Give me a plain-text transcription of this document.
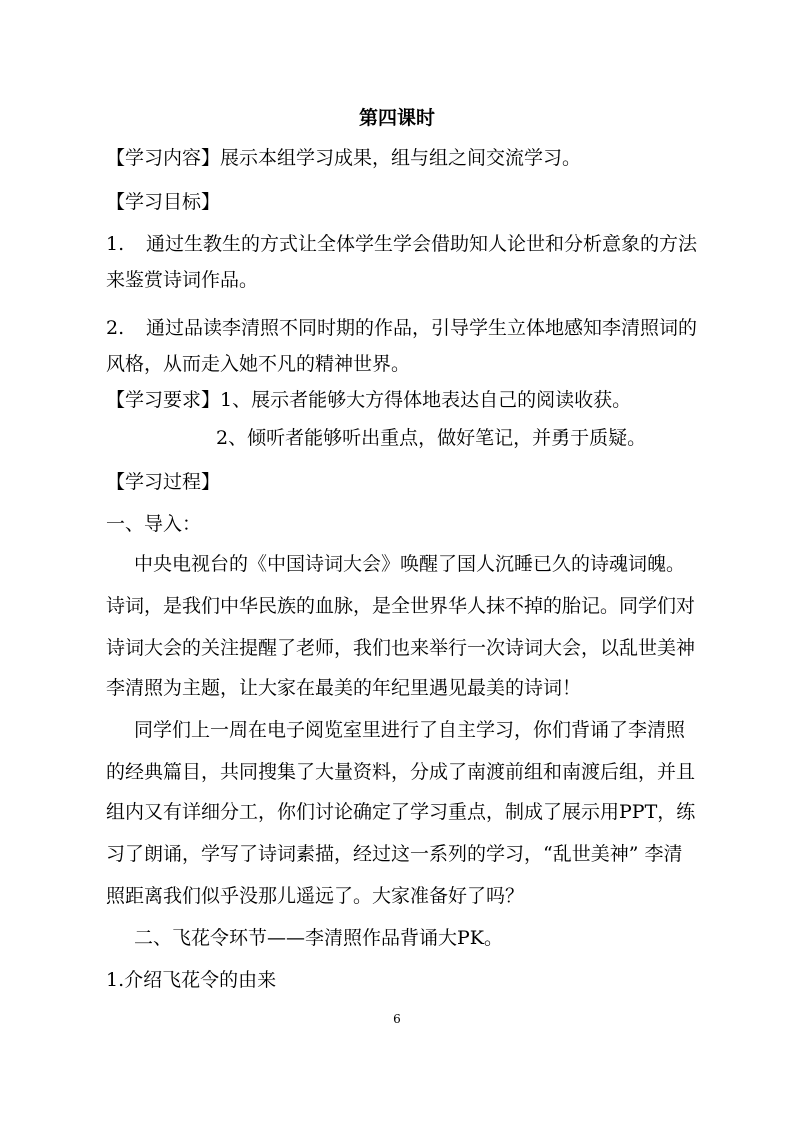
第四课时
【学习内容】展示本组学习成果，组与组之间交流学习。
【学习目标】
1. 通过生教生的方式让全体学生学会借助知人论世和分析意象的方法
来鉴赏诗词作品。
2. 通过品读李清照不同时期的作品，引导学生立体地感知李清照词的
风格，从而走入她不凡的精神世界。
【学习要求】1、展示者能够大方得体地表达自己的阅读收获。
2、倾听者能够听出重点，做好笔记，并勇于质疑。
【学习过程】
一、导入：
中央电视台的《中国诗词大会》唤醒了国人沉睡已久的诗魂词魄。
诗词，是我们中华民族的血脉，是全世界华人抹不掉的胎记。同学们对
诗词大会的关注提醒了老师，我们也来举行一次诗词大会，以乱世美神
李清照为主题，让大家在最美的年纪里遇见最美的诗词！
同学们上一周在电子阅览室里进行了自主学习，你们背诵了李清照
的经典篇目，共同搜集了大量资料，分成了南渡前组和南渡后组，并且
组内又有详细分工，你们讨论确定了学习重点，制成了展示用PPT，练
习了朗诵，学写了诗词素描，经过这一系列的学习，“乱世美神” 李清
照距离我们似乎没那儿遥远了。大家准备好了吗？
二、飞花令环节——李清照作品背诵大PK。
1.介绍飞花令的由来
6
